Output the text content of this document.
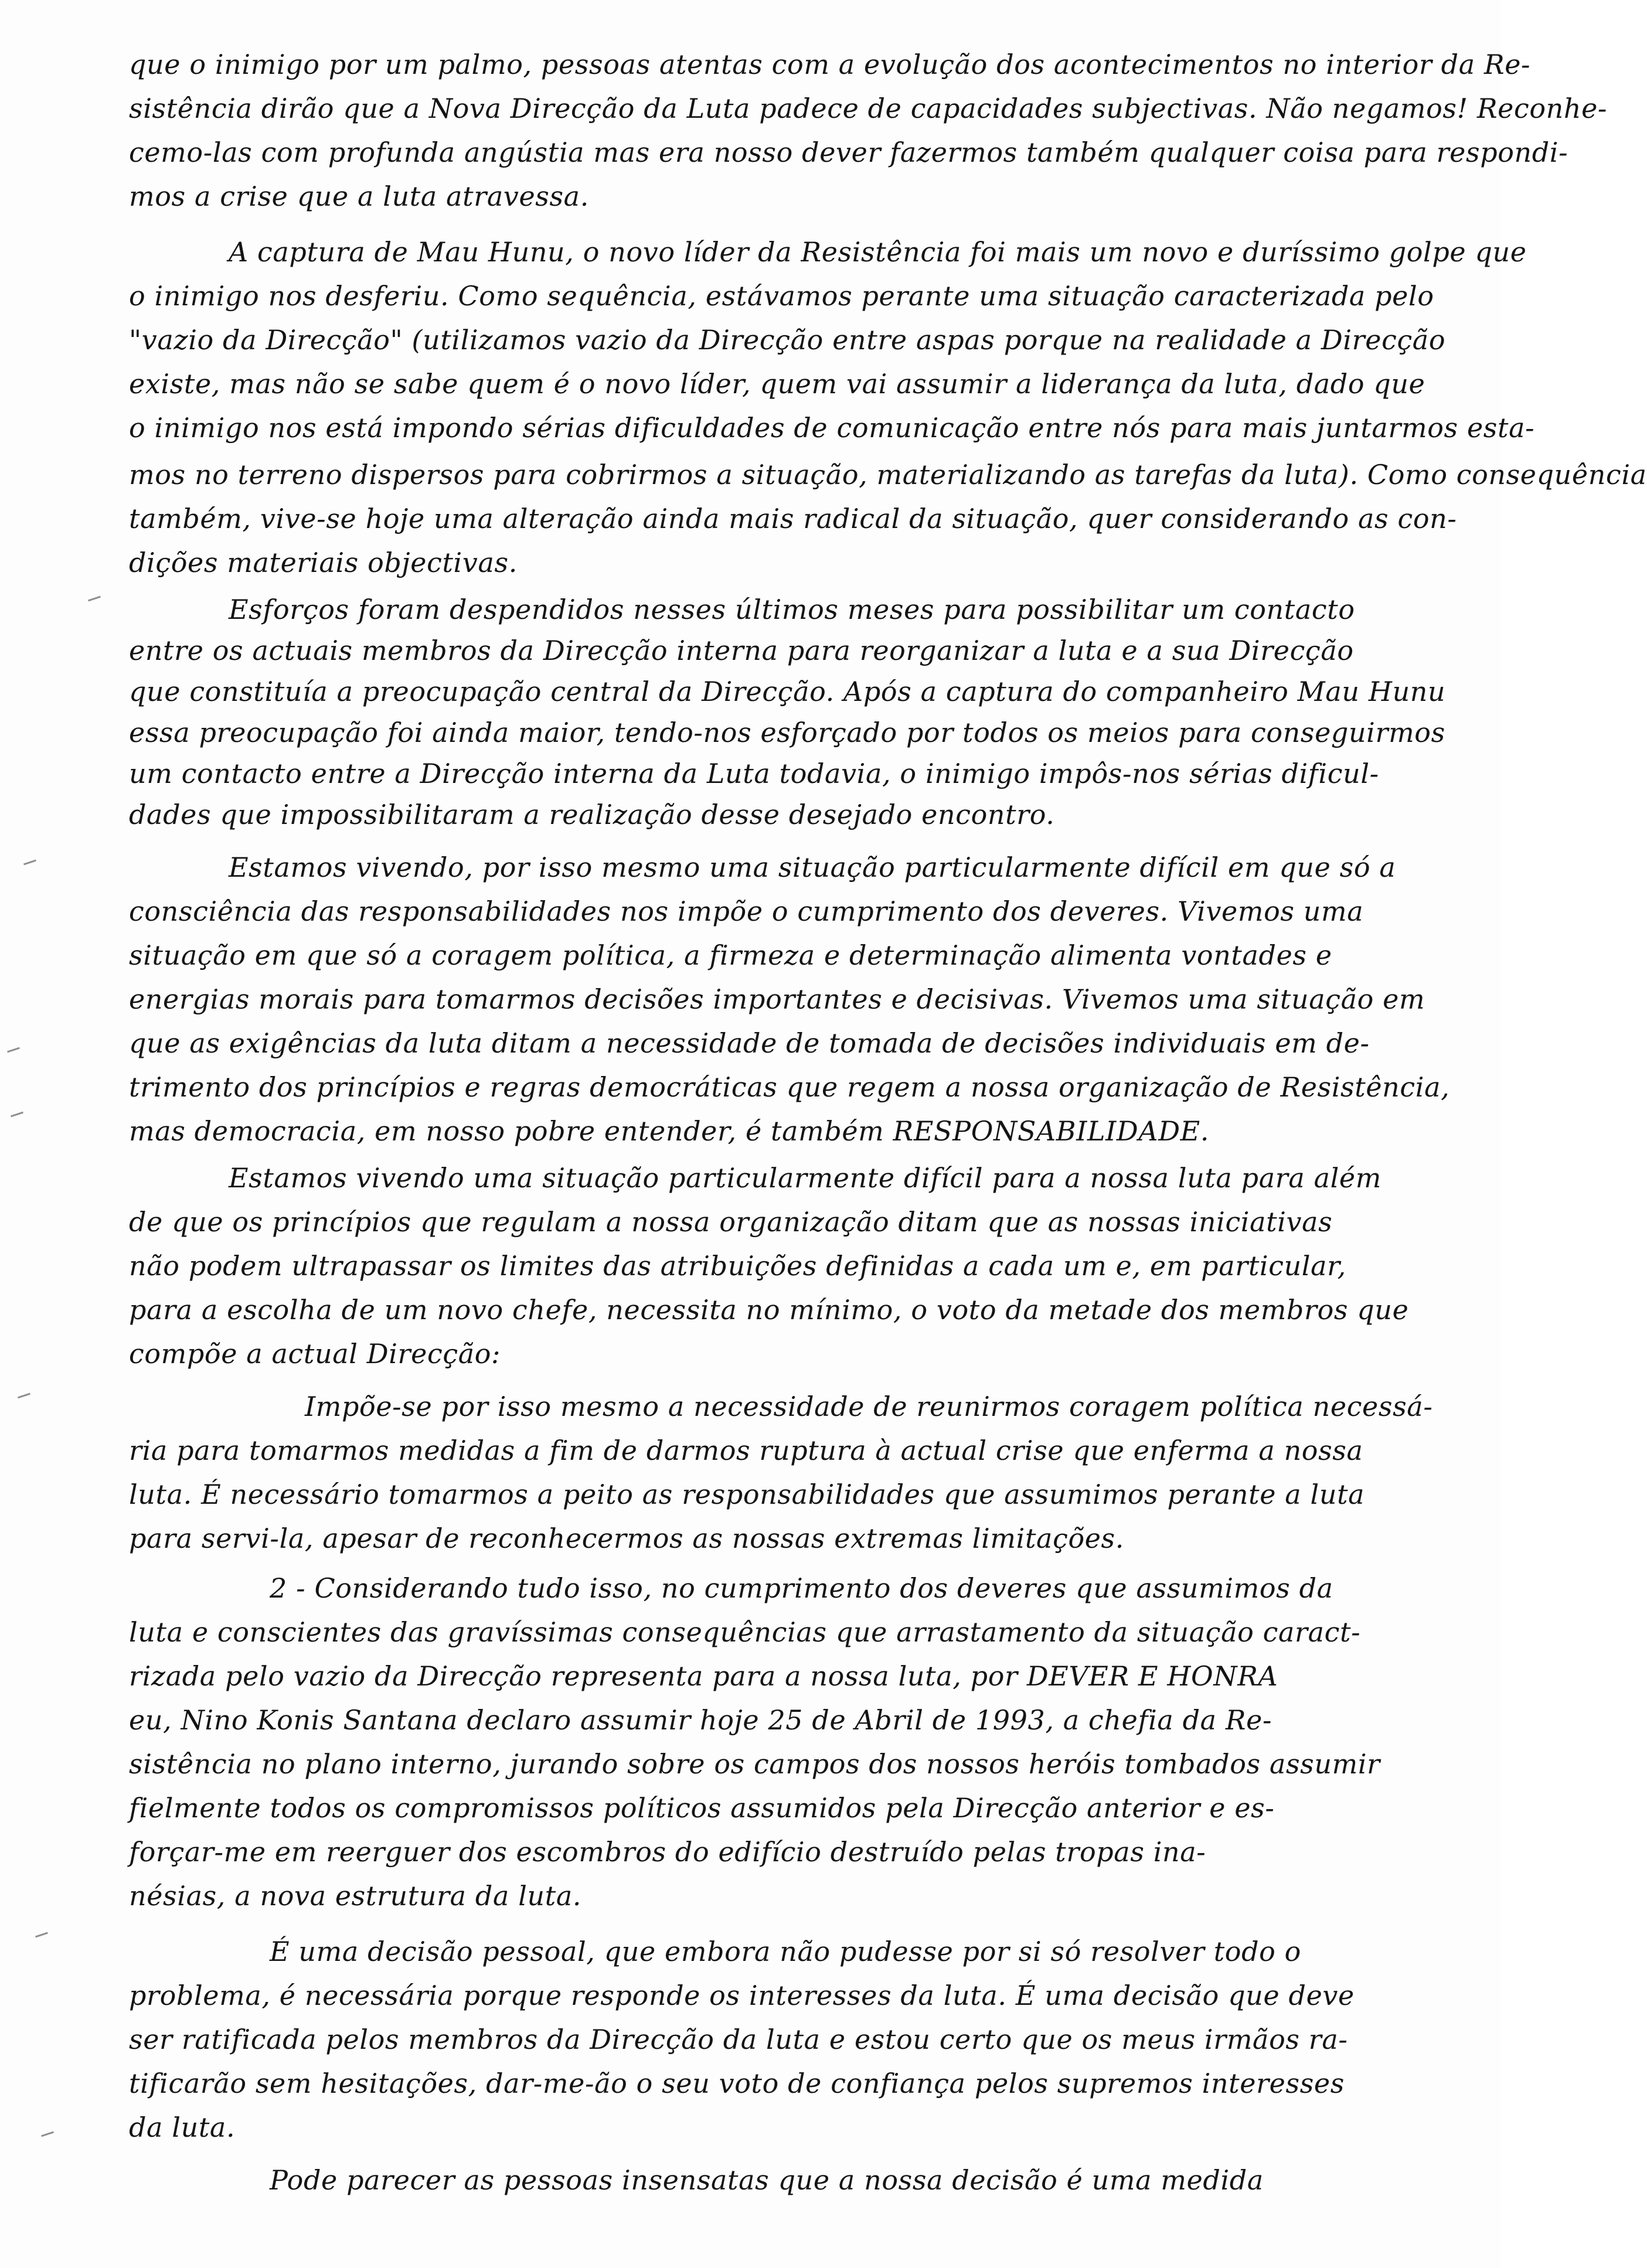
que o inimigo por um palmo, pessoas atentas com a evolução dos acontecimentos no interior da Re-
sistência dirão que a Nova Direcção da Luta padece de capacidades subjectivas. Não negamos! Reconhe-
cemo-las com profunda angústia mas era nosso dever fazermos também qualquer coisa para respondi-
mos a crise que a luta atravessa.
A captura de Mau Hunu, o novo líder da Resistência foi mais um novo e duríssimo golpe que
o inimigo nos desferiu. Como sequência, estávamos perante uma situação caracterizada pelo
"vazio da Direcção" (utilizamos vazio da Direcção entre aspas porque na realidade a Direcção
existe, mas não se sabe quem é o novo líder, quem vai assumir a liderança da luta, dado que
o inimigo nos está impondo sérias dificuldades de comunicação entre nós para mais juntarmos esta-
mos no terreno dispersos para cobrirmos a situação, materializando as tarefas da luta). Como consequência
também, vive-se hoje uma alteração ainda mais radical da situação, quer considerando as con-
dições materiais objectivas.
Esforços foram despendidos nesses últimos meses para possibilitar um contacto
entre os actuais membros da Direcção interna para reorganizar a luta e a sua Direcção
que constituía a preocupação central da Direcção. Após a captura do companheiro Mau Hunu
essa preocupação foi ainda maior, tendo-nos esforçado por todos os meios para conseguirmos
um contacto entre a Direcção interna da Luta todavia, o inimigo impôs-nos sérias dificul-
dades que impossibilitaram a realização desse desejado encontro.
Estamos vivendo, por isso mesmo uma situação particularmente difícil em que só a
consciência das responsabilidades nos impõe o cumprimento dos deveres. Vivemos uma
situação em que só a coragem política, a firmeza e determinação alimenta vontades e
energias morais para tomarmos decisões importantes e decisivas. Vivemos uma situação em
que as exigências da luta ditam a necessidade de tomada de decisões individuais em de-
trimento dos princípios e regras democráticas que regem a nossa organização de Resistência,
mas democracia, em nosso pobre entender, é também RESPONSABILIDADE.
Estamos vivendo uma situação particularmente difícil para a nossa luta para além
de que os princípios que regulam a nossa organização ditam que as nossas iniciativas
não podem ultrapassar os limites das atribuições definidas a cada um e, em particular,
para a escolha de um novo chefe, necessita no mínimo, o voto da metade dos membros que
compõe a actual Direcção:
Impõe-se por isso mesmo a necessidade de reunirmos coragem política necessá-
ria para tomarmos medidas a fim de darmos ruptura à actual crise que enferma a nossa
luta. É necessário tomarmos a peito as responsabilidades que assumimos perante a luta
para servi-la, apesar de reconhecermos as nossas extremas limitações.
2 - Considerando tudo isso, no cumprimento dos deveres que assumimos da
luta e conscientes das gravíssimas consequências que arrastamento da situação caract-
rizada pelo vazio da Direcção representa para a nossa luta, por DEVER E HONRA
eu, Nino Konis Santana declaro assumir hoje 25 de Abril de 1993, a chefia da Re-
sistência no plano interno, jurando sobre os campos dos nossos heróis tombados assumir
fielmente todos os compromissos políticos assumidos pela Direcção anterior e es-
forçar-me em reerguer dos escombros do edifício destruído pelas tropas ina-
nésias, a nova estrutura da luta.
É uma decisão pessoal, que embora não pudesse por si só resolver todo o
problema, é necessária porque responde os interesses da luta. É uma decisão que deve
ser ratificada pelos membros da Direcção da luta e estou certo que os meus irmãos ra-
tificarão sem hesitações, dar-me-ão o seu voto de confiança pelos supremos interesses
da luta.
Pode parecer as pessoas insensatas que a nossa decisão é uma medida
